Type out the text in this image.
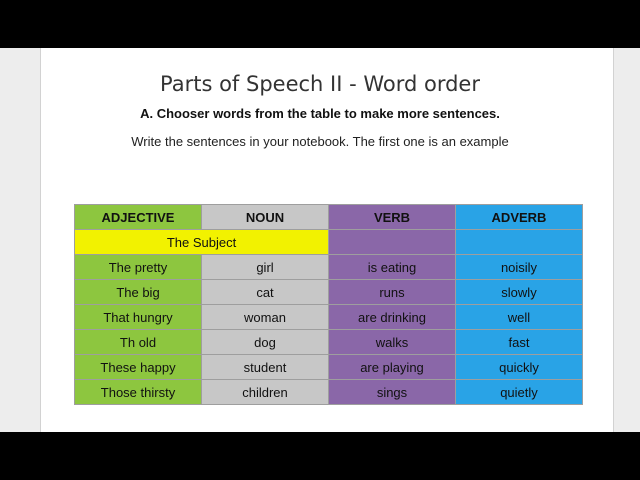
Parts of Speech II - Word order
A. Chooser words from the table to make more sentences.
Write the sentences in your notebook. The first one is an example
ADJECTIVE	NOUN	VERB	ADVERB
The Subject			
The pretty	girl	is eating	noisily
The big	cat	runs	slowly
That hungry	woman	are drinking	well
Th old	dog	walks	fast
These happy	student	are playing	quickly
Those thirsty	children	sings	quietly
